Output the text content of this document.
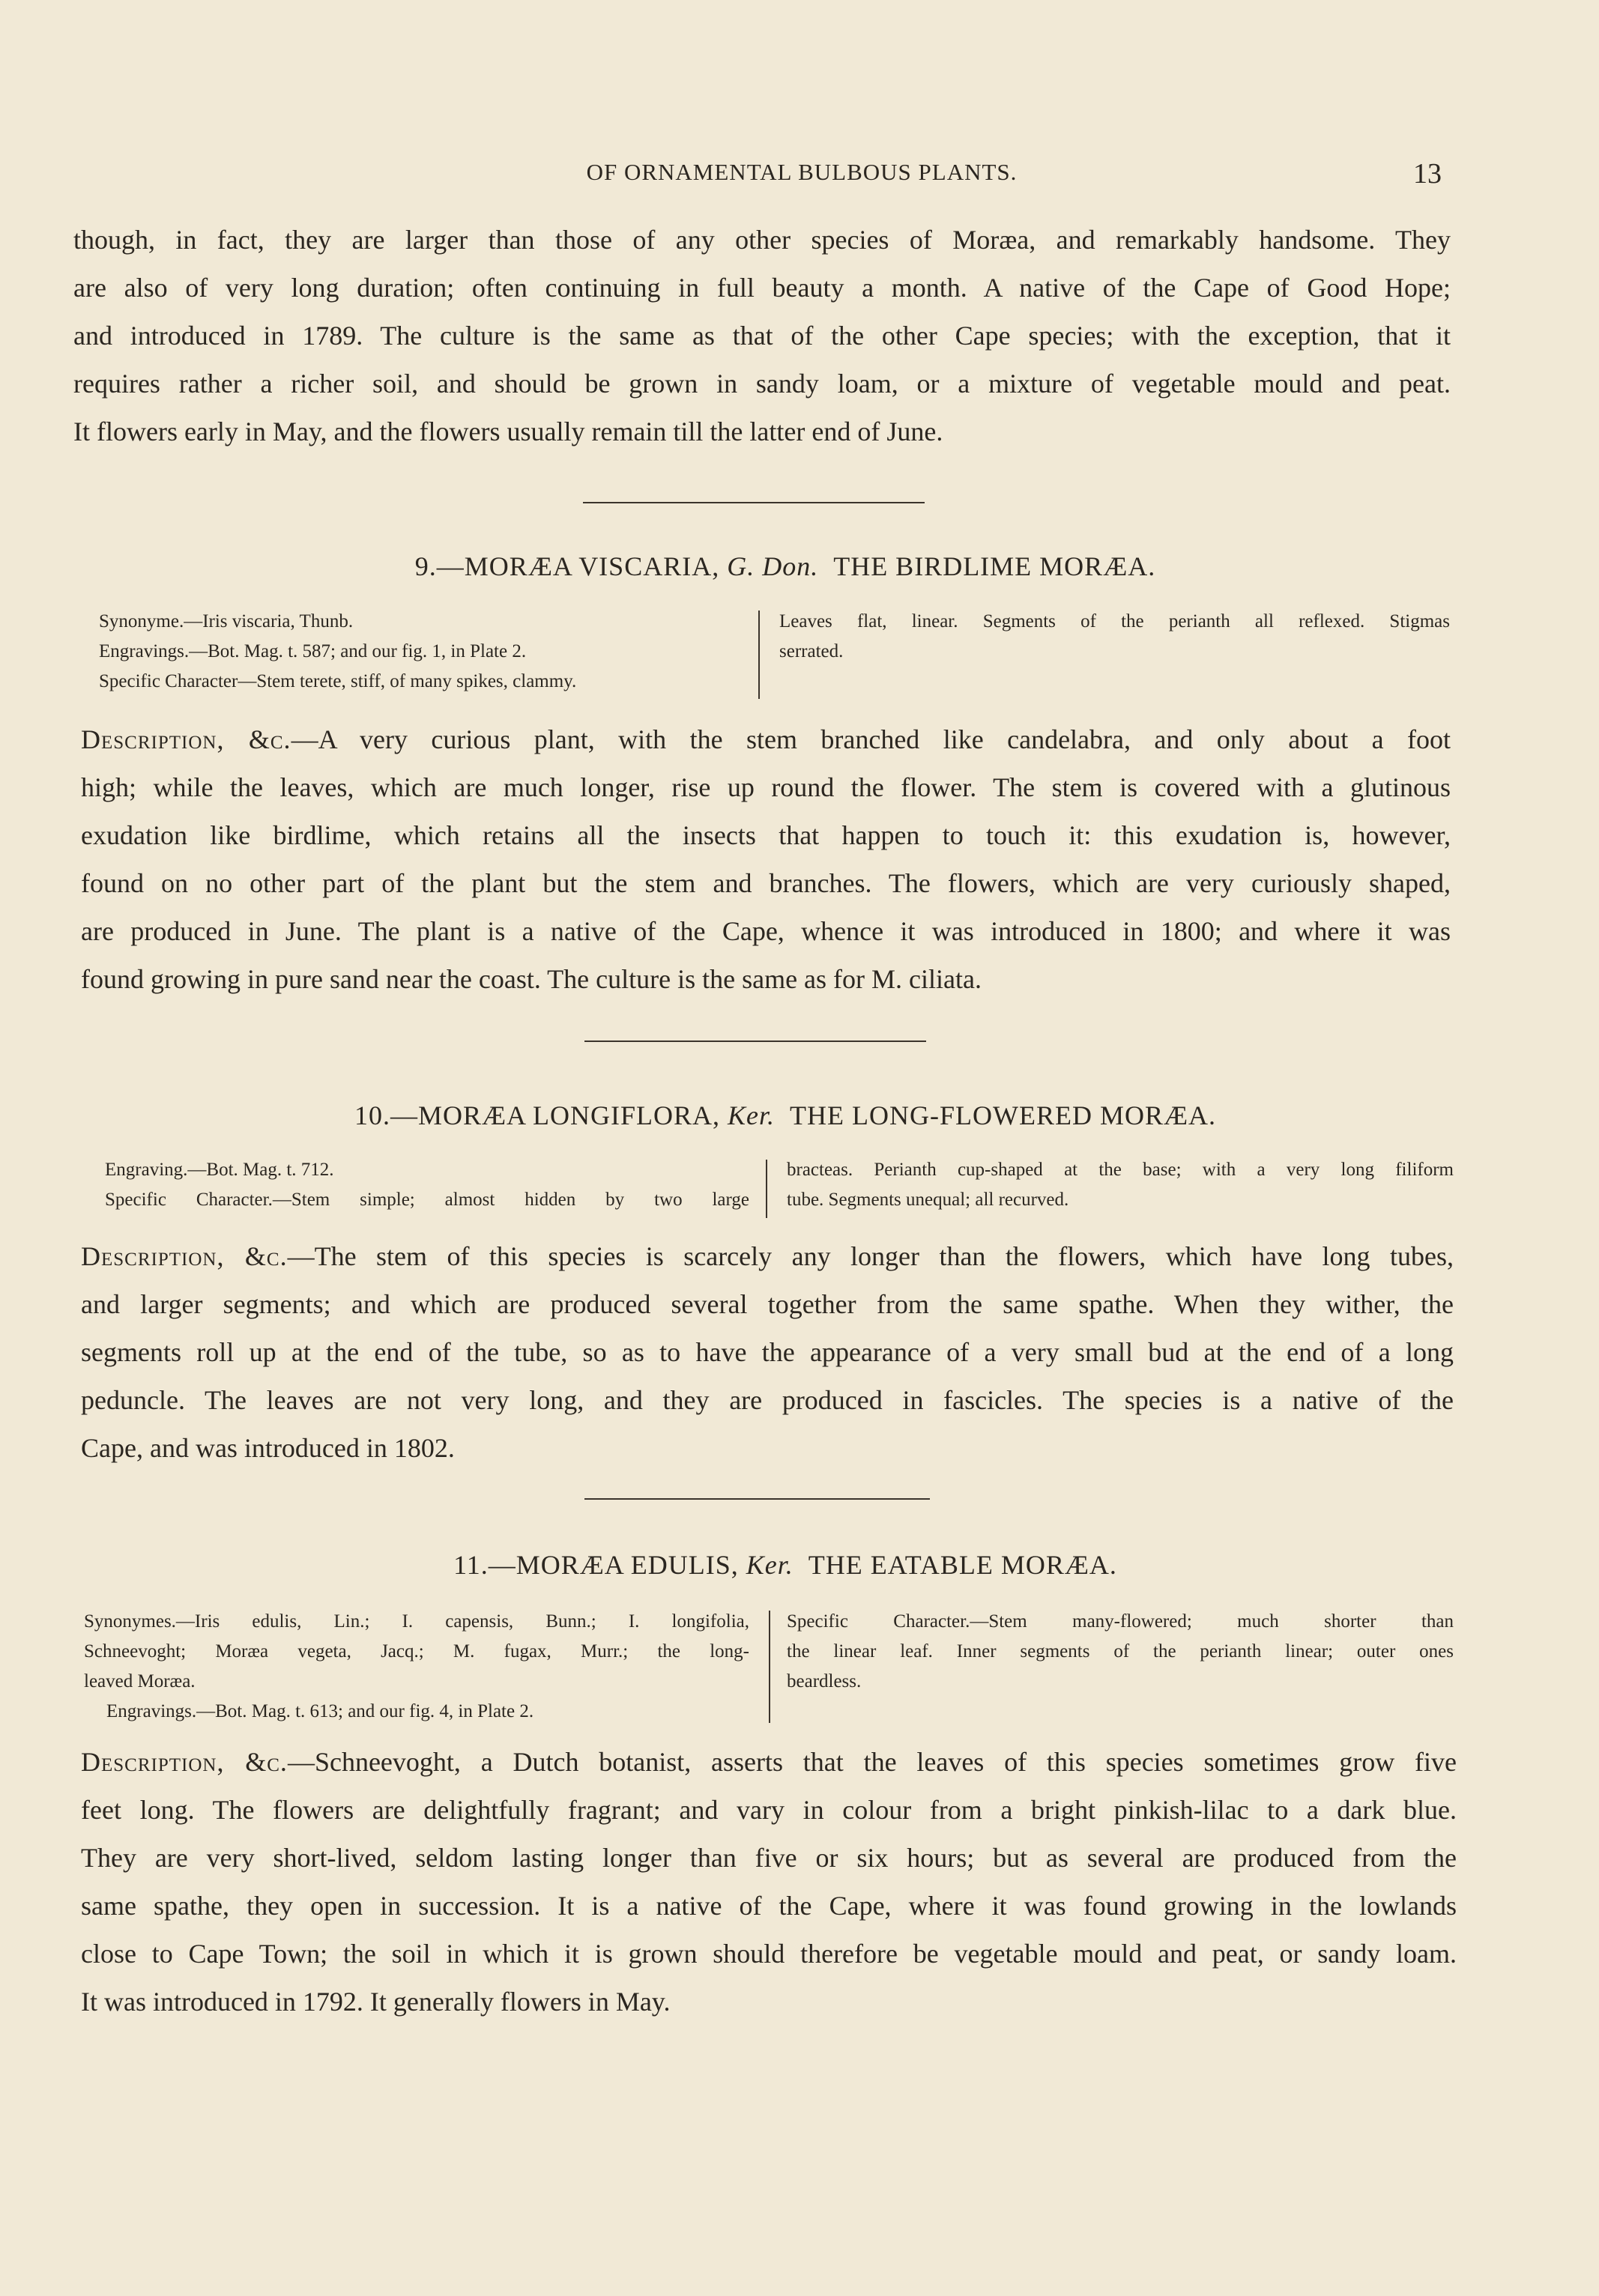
OF ORNAMENTAL BULBOUS PLANTS.	13
though, in fact, they are larger than those of any other species of Moræa, and remarkably handsome. They
are also of very long duration; often continuing in full beauty a month. A native of the Cape of Good Hope;
and introduced in 1789. The culture is the same as that of the other Cape species; with the exception, that it
requires rather a richer soil, and should be grown in sandy loam, or a mixture of vegetable mould and peat.
It flowers early in May, and the flowers usually remain till the latter end of June.
9.—MORÆA VISCARIA, G. Don. THE BIRDLIME MORÆA.
Synonyme.—Iris viscaria, Thunb.
Engravings.—Bot. Mag. t. 587; and our fig. 1, in Plate 2.
Specific Character—Stem terete, stiff, of many spikes, clammy.
Leaves flat, linear. Segments of the perianth all reflexed. Stigmas
serrated.
Description, &c.—A very curious plant, with the stem branched like candelabra, and only about a foot
high; while the leaves, which are much longer, rise up round the flower. The stem is covered with a glutinous
exudation like birdlime, which retains all the insects that happen to touch it: this exudation is, however,
found on no other part of the plant but the stem and branches. The flowers, which are very curiously shaped,
are produced in June. The plant is a native of the Cape, whence it was introduced in 1800; and where it was
found growing in pure sand near the coast. The culture is the same as for M. ciliata.
10.—MORÆA LONGIFLORA, Ker. THE LONG-FLOWERED MORÆA.
Engraving.—Bot. Mag. t. 712.
Specific Character.—Stem simple; almost hidden by two large
bracteas. Perianth cup-shaped at the base; with a very long filiform
tube. Segments unequal; all recurved.
Description, &c.—The stem of this species is scarcely any longer than the flowers, which have long tubes,
and larger segments; and which are produced several together from the same spathe. When they wither, the
segments roll up at the end of the tube, so as to have the appearance of a very small bud at the end of a long
peduncle. The leaves are not very long, and they are produced in fascicles. The species is a native of the
Cape, and was introduced in 1802.
11.—MORÆA EDULIS, Ker. THE EATABLE MORÆA.
Synonymes.—Iris edulis, Lin.; I. capensis, Bunn.; I. longifolia,
Schneevoght; Moræa vegeta, Jacq.; M. fugax, Murr.; the long-
leaved Moræa.
Engravings.—Bot. Mag. t. 613; and our fig. 4, in Plate 2.
Specific Character.—Stem many-flowered; much shorter than
the linear leaf. Inner segments of the perianth linear; outer ones
beardless.
Description, &c.—Schneevoght, a Dutch botanist, asserts that the leaves of this species sometimes grow five
feet long. The flowers are delightfully fragrant; and vary in colour from a bright pinkish-lilac to a dark blue.
They are very short-lived, seldom lasting longer than five or six hours; but as several are produced from the
same spathe, they open in succession. It is a native of the Cape, where it was found growing in the lowlands
close to Cape Town; the soil in which it is grown should therefore be vegetable mould and peat, or sandy loam.
It was introduced in 1792. It generally flowers in May.
